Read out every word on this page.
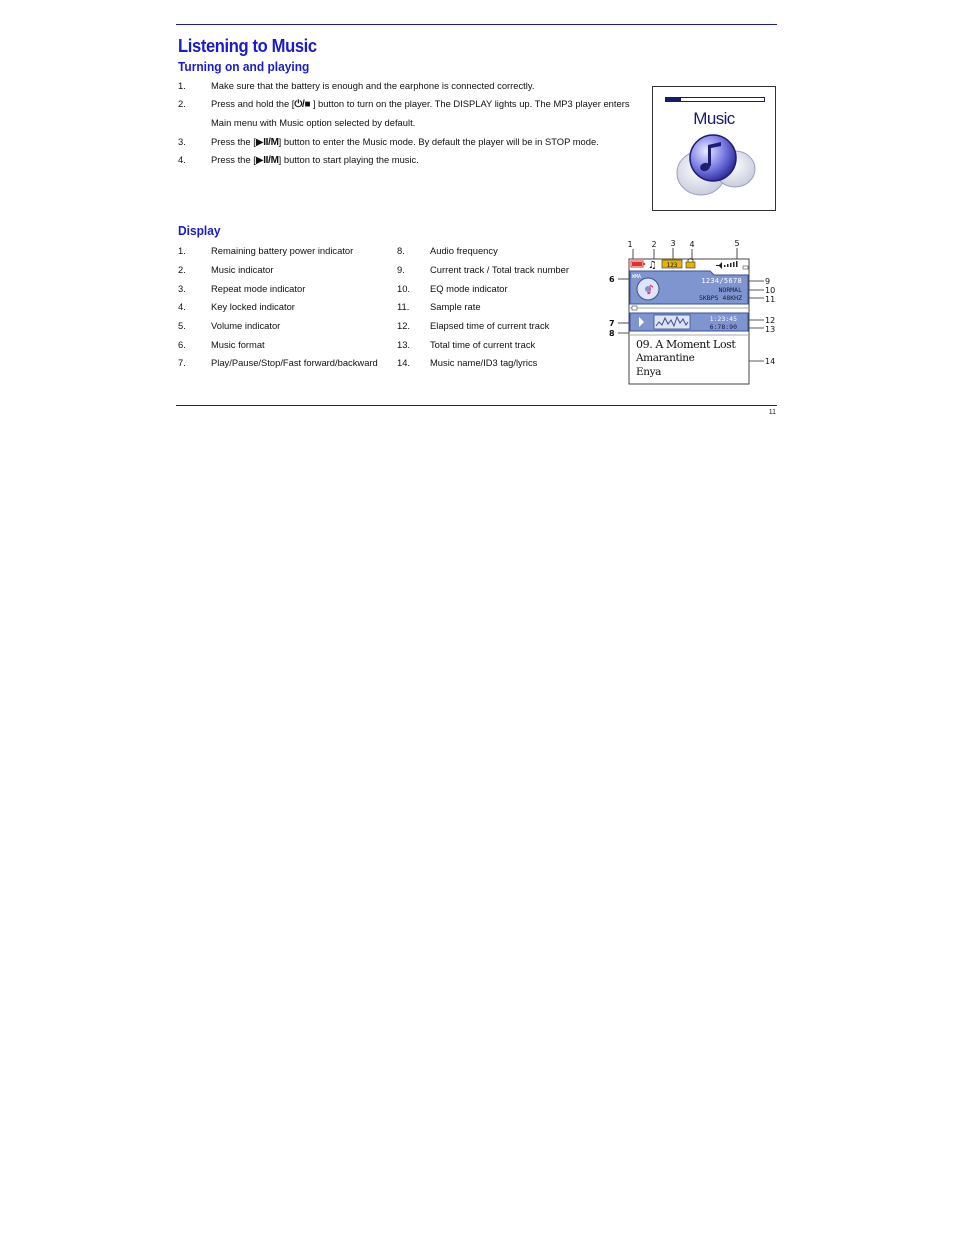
Listening to Music
Turning on and playing
1.	Make sure that the battery is enough and the earphone is connected correctly.
2.	Press and hold the [⏻/■ ] button to turn on the player. The DISPLAY lights up. The MP3 player enters
Main menu with Music option selected by default.
3.	Press the [▶II/M] button to enter the Music mode. By default the player will be in STOP mode.
4.	Press the [▶II/M] button to start playing the music.
Music
Display
1.	Remaining battery power indicator
2.	Music indicator
3.	Repeat mode indicator
4.	Key locked indicator
5.	Volume indicator
6.	Music format
7.	Play/Pause/Stop/Fast forward/backward
8.	Audio frequency
9.	Current track / Total track number
10. EQ mode indicator
11. Sample rate
12. Elapsed time of current track
13. Total time of current track
14. Music name/ID3 tag/lyrics
1 2 3 4	5
6
7
8
9
10
11
12
13
14
♫ 123
♪
WMA	1234/5678
NORMAL
5KBPS 48KHZ
1:23:45
6:78:90
09. A Moment Lost
Amarantine
Enya
11
